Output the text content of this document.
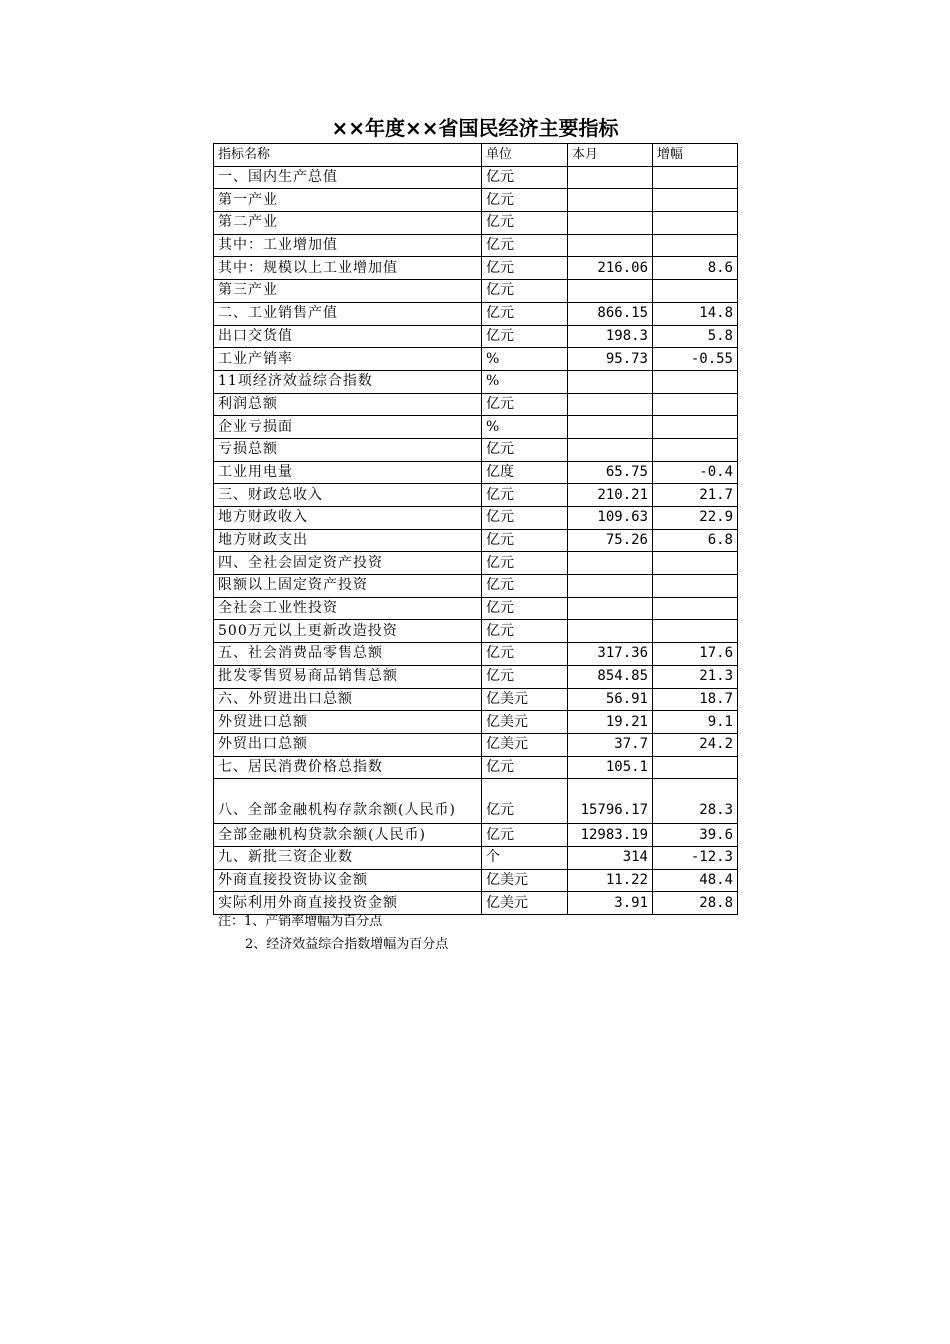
××年度××省国民经济主要指标
指标名称	单位	本月	增幅
一、国内生产总值	亿元		
第一产业	亿元		
第二产业	亿元		
其中：工业增加值	亿元		
其中：规模以上工业增加值	亿元	216.06	8.6
第三产业	亿元		
二、工业销售产值	亿元	866.15	14.8
出口交货值	亿元	198.3	5.8
工业产销率	%	95.73	-0.55
11项经济效益综合指数	%		
利润总额	亿元		
企业亏损面	%		
亏损总额	亿元		
工业用电量	亿度	65.75	-0.4
三、财政总收入	亿元	210.21	21.7
地方财政收入	亿元	109.63	22.9
地方财政支出	亿元	75.26	6.8
四、全社会固定资产投资	亿元		
限额以上固定资产投资	亿元		
全社会工业性投资	亿元		
500万元以上更新改造投资	亿元		
五、社会消费品零售总额	亿元	317.36	17.6
批发零售贸易商品销售总额	亿元	854.85	21.3
六、外贸进出口总额	亿美元	56.91	18.7
外贸进口总额	亿美元	19.21	9.1
外贸出口总额	亿美元	37.7	24.2
七、居民消费价格总指数	亿元	105.1	
八、全部金融机构存款余额(人民币)	亿元	15796.17	28.3
全部金融机构贷款余额(人民币)	亿元	12983.19	39.6
九、新批三资企业数	个	314	-12.3
外商直接投资协议金额	亿美元	11.22	48.4
实际利用外商直接投资金额	亿美元	3.91	28.8
注：1、产销率增幅为百分点
2、经济效益综合指数增幅为百分点
